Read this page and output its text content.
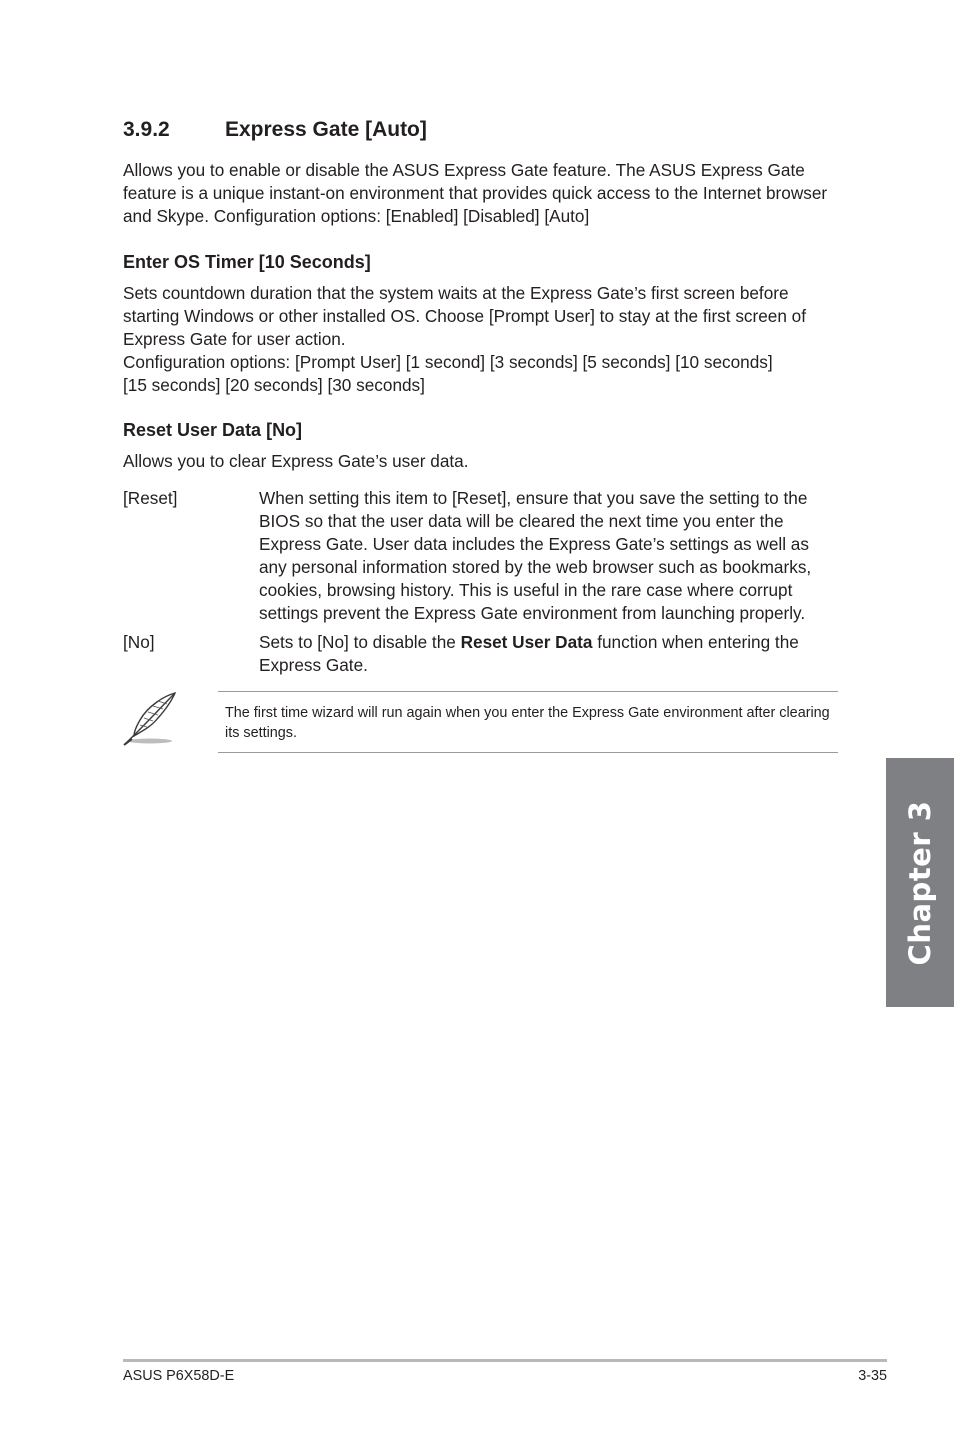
3.9.2	Express Gate [Auto]
Allows you to enable or disable the ASUS Express Gate feature. The ASUS Express Gate feature is a unique instant-on environment that provides quick access to the Internet browser and Skype. Configuration options: [Enabled] [Disabled] [Auto]
Enter OS Timer [10 Seconds]
Sets countdown duration that the system waits at the Express Gate’s first screen before starting Windows or other installed OS. Choose [Prompt User] to stay at the first screen of Express Gate for user action.
Configuration options: [Prompt User] [1 second] [3 seconds] [5 seconds] [10 seconds]
[15 seconds] [20 seconds] [30 seconds]
Reset User Data [No]
Allows you to clear Express Gate’s user data.
[Reset]	When setting this item to [Reset], ensure that you save the setting to the BIOS so that the user data will be cleared the next time you enter the Express Gate. User data includes the Express Gate’s settings as well as any personal information stored by the web browser such as bookmarks, cookies, browsing history. This is useful in the rare case where corrupt settings prevent the Express Gate environment from launching properly.
[No]	Sets to [No] to disable the Reset User Data function when entering the Express Gate.
The first time wizard will run again when you enter the Express Gate environment after clearing its settings.
Chapter 3
ASUS P6X58D-E	3-35
